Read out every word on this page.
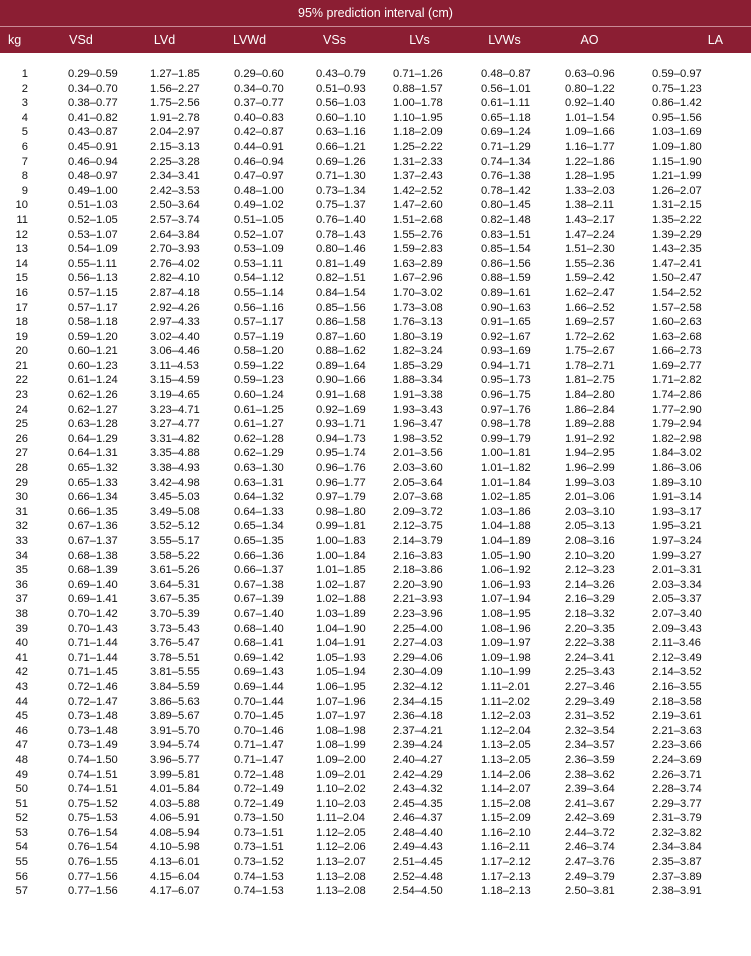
95% prediction interval (cm)
kg	VSd	LVd	LVWd	VSs	LVs	LVWs	AO	LA
1	0.29–0.59	1.27–1.85	0.29–0.60	0.43–0.79	0.71–1.26	0.48–0.87	0.63–0.96	0.59–0.97
2	0.34–0.70	1.56–2.27	0.34–0.70	0.51–0.93	0.88–1.57	0.56–1.01	0.80–1.22	0.75–1.23
3	0.38–0.77	1.75–2.56	0.37–0.77	0.56–1.03	1.00–1.78	0.61–1.11	0.92–1.40	0.86–1.42
4	0.41–0.82	1.91–2.78	0.40–0.83	0.60–1.10	1.10–1.95	0.65–1.18	1.01–1.54	0.95–1.56
5	0.43–0.87	2.04–2.97	0.42–0.87	0.63–1.16	1.18–2.09	0.69–1.24	1.09–1.66	1.03–1.69
6	0.45–0.91	2.15–3.13	0.44–0.91	0.66–1.21	1.25–2.22	0.71–1.29	1.16–1.77	1.09–1.80
7	0.46–0.94	2.25–3.28	0.46–0.94	0.69–1.26	1.31–2.33	0.74–1.34	1.22–1.86	1.15–1.90
8	0.48–0.97	2.34–3.41	0.47–0.97	0.71–1.30	1.37–2.43	0.76–1.38	1.28–1.95	1.21–1.99
9	0.49–1.00	2.42–3.53	0.48–1.00	0.73–1.34	1.42–2.52	0.78–1.42	1.33–2.03	1.26–2.07
10	0.51–1.03	2.50–3.64	0.49–1.02	0.75–1.37	1.47–2.60	0.80–1.45	1.38–2.11	1.31–2.15
11	0.52–1.05	2.57–3.74	0.51–1.05	0.76–1.40	1.51–2.68	0.82–1.48	1.43–2.17	1.35–2.22
12	0.53–1.07	2.64–3.84	0.52–1.07	0.78–1.43	1.55–2.76	0.83–1.51	1.47–2.24	1.39–2.29
13	0.54–1.09	2.70–3.93	0.53–1.09	0.80–1.46	1.59–2.83	0.85–1.54	1.51–2.30	1.43–2.35
14	0.55–1.11	2.76–4.02	0.53–1.11	0.81–1.49	1.63–2.89	0.86–1.56	1.55–2.36	1.47–2.41
15	0.56–1.13	2.82–4.10	0.54–1.12	0.82–1.51	1.67–2.96	0.88–1.59	1.59–2.42	1.50–2.47
16	0.57–1.15	2.87–4.18	0.55–1.14	0.84–1.54	1.70–3.02	0.89–1.61	1.62–2.47	1.54–2.52
17	0.57–1.17	2.92–4.26	0.56–1.16	0.85–1.56	1.73–3.08	0.90–1.63	1.66–2.52	1.57–2.58
18	0.58–1.18	2.97–4.33	0.57–1.17	0.86–1.58	1.76–3.13	0.91–1.65	1.69–2.57	1.60–2.63
19	0.59–1.20	3.02–4.40	0.57–1.19	0.87–1.60	1.80–3.19	0.92–1.67	1.72–2.62	1.63–2.68
20	0.60–1.21	3.06–4.46	0.58–1.20	0.88–1.62	1.82–3.24	0.93–1.69	1.75–2.67	1.66–2.73
21	0.60–1.23	3.11–4.53	0.59–1.22	0.89–1.64	1.85–3.29	0.94–1.71	1.78–2.71	1.69–2.77
22	0.61–1.24	3.15–4.59	0.59–1.23	0.90–1.66	1.88–3.34	0.95–1.73	1.81–2.75	1.71–2.82
23	0.62–1.26	3.19–4.65	0.60–1.24	0.91–1.68	1.91–3.38	0.96–1.75	1.84–2.80	1.74–2.86
24	0.62–1.27	3.23–4.71	0.61–1.25	0.92–1.69	1.93–3.43	0.97–1.76	1.86–2.84	1.77–2.90
25	0.63–1.28	3.27–4.77	0.61–1.27	0.93–1.71	1.96–3.47	0.98–1.78	1.89–2.88	1.79–2.94
26	0.64–1.29	3.31–4.82	0.62–1.28	0.94–1.73	1.98–3.52	0.99–1.79	1.91–2.92	1.82–2.98
27	0.64–1.31	3.35–4.88	0.62–1.29	0.95–1.74	2.01–3.56	1.00–1.81	1.94–2.95	1.84–3.02
28	0.65–1.32	3.38–4.93	0.63–1.30	0.96–1.76	2.03–3.60	1.01–1.82	1.96–2.99	1.86–3.06
29	0.65–1.33	3.42–4.98	0.63–1.31	0.96–1.77	2.05–3.64	1.01–1.84	1.99–3.03	1.89–3.10
30	0.66–1.34	3.45–5.03	0.64–1.32	0.97–1.79	2.07–3.68	1.02–1.85	2.01–3.06	1.91–3.14
31	0.66–1.35	3.49–5.08	0.64–1.33	0.98–1.80	2.09–3.72	1.03–1.86	2.03–3.10	1.93–3.17
32	0.67–1.36	3.52–5.12	0.65–1.34	0.99–1.81	2.12–3.75	1.04–1.88	2.05–3.13	1.95–3.21
33	0.67–1.37	3.55–5.17	0.65–1.35	1.00–1.83	2.14–3.79	1.04–1.89	2.08–3.16	1.97–3.24
34	0.68–1.38	3.58–5.22	0.66–1.36	1.00–1.84	2.16–3.83	1.05–1.90	2.10–3.20	1.99–3.27
35	0.68–1.39	3.61–5.26	0.66–1.37	1.01–1.85	2.18–3.86	1.06–1.92	2.12–3.23	2.01–3.31
36	0.69–1.40	3.64–5.31	0.67–1.38	1.02–1.87	2.20–3.90	1.06–1.93	2.14–3.26	2.03–3.34
37	0.69–1.41	3.67–5.35	0.67–1.39	1.02–1.88	2.21–3.93	1.07–1.94	2.16–3.29	2.05–3.37
38	0.70–1.42	3.70–5.39	0.67–1.40	1.03–1.89	2.23–3.96	1.08–1.95	2.18–3.32	2.07–3.40
39	0.70–1.43	3.73–5.43	0.68–1.40	1.04–1.90	2.25–4.00	1.08–1.96	2.20–3.35	2.09–3.43
40	0.71–1.44	3.76–5.47	0.68–1.41	1.04–1.91	2.27–4.03	1.09–1.97	2.22–3.38	2.11–3.46
41	0.71–1.44	3.78–5.51	0.69–1.42	1.05–1.93	2.29–4.06	1.09–1.98	2.24–3.41	2.12–3.49
42	0.71–1.45	3.81–5.55	0.69–1.43	1.05–1.94	2.30–4.09	1.10–1.99	2.25–3.43	2.14–3.52
43	0.72–1.46	3.84–5.59	0.69–1.44	1.06–1.95	2.32–4.12	1.11–2.01	2.27–3.46	2.16–3.55
44	0.72–1.47	3.86–5.63	0.70–1.44	1.07–1.96	2.34–4.15	1.11–2.02	2.29–3.49	2.18–3.58
45	0.73–1.48	3.89–5.67	0.70–1.45	1.07–1.97	2.36–4.18	1.12–2.03	2.31–3.52	2.19–3.61
46	0.73–1.48	3.91–5.70	0.70–1.46	1.08–1.98	2.37–4.21	1.12–2.04	2.32–3.54	2.21–3.63
47	0.73–1.49	3.94–5.74	0.71–1.47	1.08–1.99	2.39–4.24	1.13–2.05	2.34–3.57	2.23–3.66
48	0.74–1.50	3.96–5.77	0.71–1.47	1.09–2.00	2.40–4.27	1.13–2.05	2.36–3.59	2.24–3.69
49	0.74–1.51	3.99–5.81	0.72–1.48	1.09–2.01	2.42–4.29	1.14–2.06	2.38–3.62	2.26–3.71
50	0.74–1.51	4.01–5.84	0.72–1.49	1.10–2.02	2.43–4.32	1.14–2.07	2.39–3.64	2.28–3.74
51	0.75–1.52	4.03–5.88	0.72–1.49	1.10–2.03	2.45–4.35	1.15–2.08	2.41–3.67	2.29–3.77
52	0.75–1.53	4.06–5.91	0.73–1.50	1.11–2.04	2.46–4.37	1.15–2.09	2.42–3.69	2.31–3.79
53	0.76–1.54	4.08–5.94	0.73–1.51	1.12–2.05	2.48–4.40	1.16–2.10	2.44–3.72	2.32–3.82
54	0.76–1.54	4.10–5.98	0.73–1.51	1.12–2.06	2.49–4.43	1.16–2.11	2.46–3.74	2.34–3.84
55	0.76–1.55	4.13–6.01	0.73–1.52	1.13–2.07	2.51–4.45	1.17–2.12	2.47–3.76	2.35–3.87
56	0.77–1.56	4.15–6.04	0.74–1.53	1.13–2.08	2.52–4.48	1.17–2.13	2.49–3.79	2.37–3.89
57	0.77–1.56	4.17–6.07	0.74–1.53	1.13–2.08	2.54–4.50	1.18–2.13	2.50–3.81	2.38–3.91
